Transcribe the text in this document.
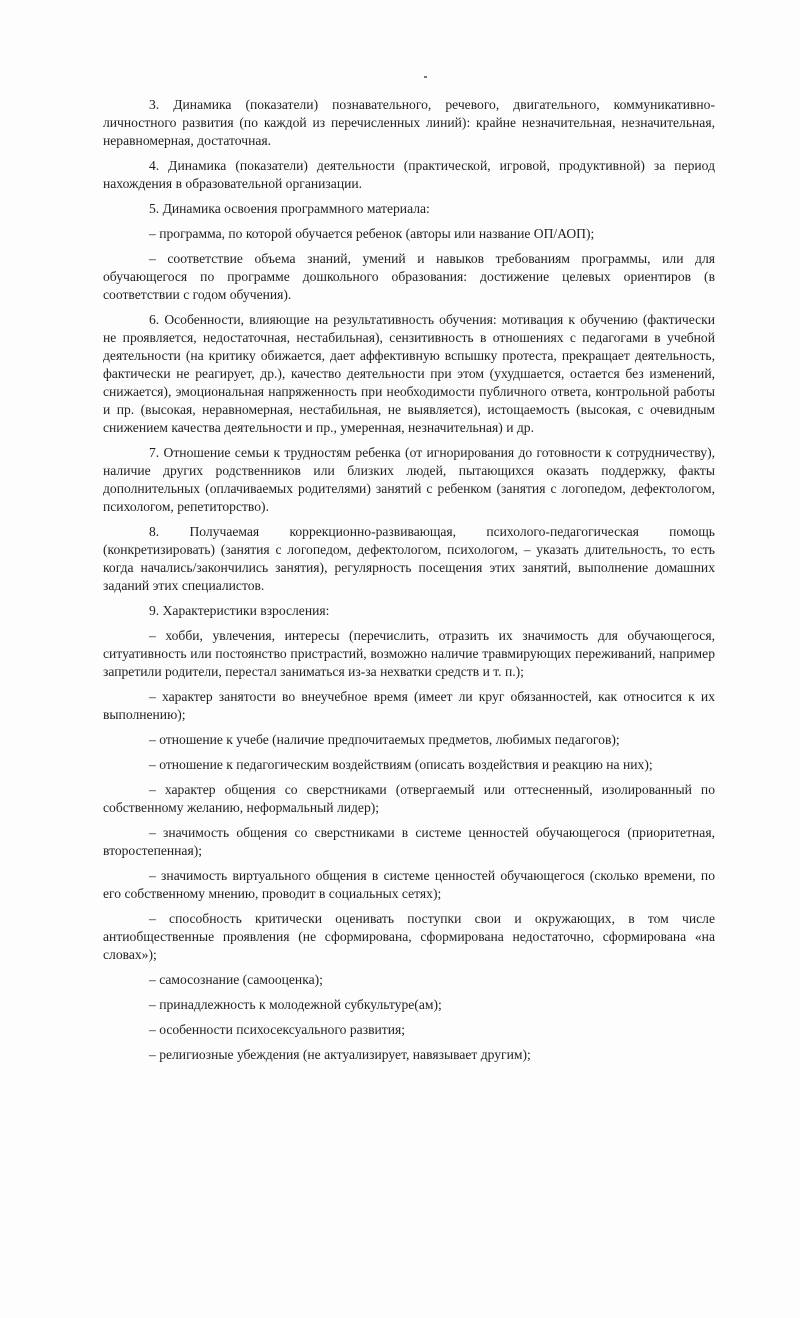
3. Динамика (показатели) познавательного, речевого, двигательного, коммуникативно-личностного развития (по каждой из перечисленных линий): крайне незначительная, незначительная, неравномерная, достаточная.

4. Динамика (показатели) деятельности (практической, игровой, продуктивной) за период нахождения в образовательной организации.

5. Динамика освоения программного материала:

– программа, по которой обучается ребенок (авторы или название ОП/АОП);

– соответствие объема знаний, умений и навыков требованиям программы, или для обучающегося по программе дошкольного образования: достижение целевых ориентиров (в соответствии с годом обучения).

6. Особенности, влияющие на результативность обучения: мотивация к обучению (фактически не проявляется, недостаточная, нестабильная), сензитивность в отношениях с педагогами в учебной деятельности (на критику обижается, дает аффективную вспышку протеста, прекращает деятельность, фактически не реагирует, др.), качество деятельности при этом (ухудшается, остается без изменений, снижается), эмоциональная напряженность при необходимости публичного ответа, контрольной работы и пр. (высокая, неравномерная, нестабильная, не выявляется), истощаемость (высокая, с очевидным снижением качества деятельности и пр., умеренная, незначительная) и др.

7. Отношение семьи к трудностям ребенка (от игнорирования до готовности к сотрудничеству), наличие других родственников или близких людей, пытающихся оказать поддержку, факты дополнительных (оплачиваемых родителями) занятий с ребенком (занятия с логопедом, дефектологом, психологом, репетиторство).

8. Получаемая коррекционно-развивающая, психолого-педагогическая помощь (конкретизировать) (занятия с логопедом, дефектологом, психологом, – указать длительность, то есть когда начались/закончились занятия), регулярность посещения этих занятий, выполнение домашних заданий этих специалистов.

9. Характеристики взросления:

– хобби, увлечения, интересы (перечислить, отразить их значимость для обучающегося, ситуативность или постоянство пристрастий, возможно наличие травмирующих переживаний, например запретили родители, перестал заниматься из-за нехватки средств и т. п.);

– характер занятости во внеучебное время (имеет ли круг обязанностей, как относится к их выполнению);

– отношение к учебе (наличие предпочитаемых предметов, любимых педагогов);

– отношение к педагогическим воздействиям (описать воздействия и реакцию на них);

– характер общения со сверстниками (отвергаемый или оттесненный, изолированный по собственному желанию, неформальный лидер);

– значимость общения со сверстниками в системе ценностей обучающегося (приоритетная, второстепенная);

– значимость виртуального общения в системе ценностей обучающегося (сколько времени, по его собственному мнению, проводит в социальных сетях);

– способность критически оценивать поступки свои и окружающих, в том числе антиобщественные проявления (не сформирована, сформирована недостаточно, сформирована «на словах»);

– самосознание (самооценка);

– принадлежность к молодежной субкультуре(ам);

– особенности психосексуального развития;

– религиозные убеждения (не актуализирует, навязывает другим);
